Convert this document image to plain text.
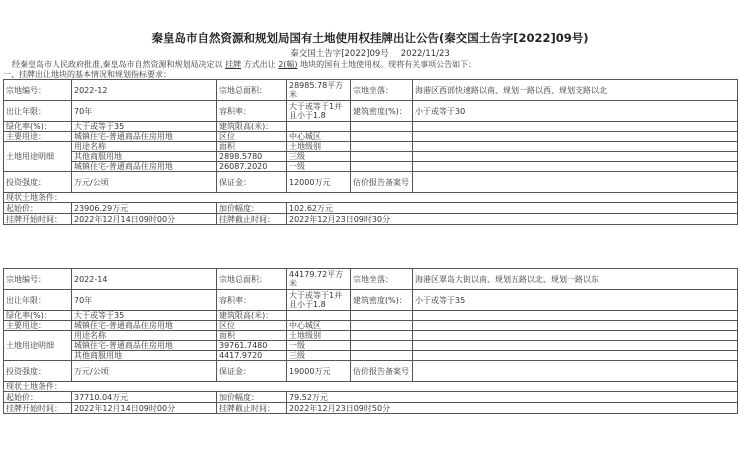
秦皇岛市自然资源和规划局国有土地使用权挂牌出让公告(秦交国土告字[2022]09号)
秦交国土告字[2022]09号 2022/11/23
经秦皇岛市人民政府批准,秦皇岛市自然资源和规划局决定以 挂牌 方式出让 2(幅) 地块的国有土地使用权。现将有关事项公告如下：
一、挂牌出让地块的基本情况和规划指标要求：
宗地编号：	2022-12	宗地总面积：	28985.78平方米	宗地坐落：	海港区西部快速路以南、规划一路以西、规划支路以北
出让年限：	70年	容积率：	大于或等于1并且小于1.8	建筑密度(%)：	小于或等于30
绿化率(%)：	大于或等于35	建筑限高(米)：			
主要用途：	城镇住宅-普通商品住房用地	区位	中心城区		
土地用途明细	用途名称	面积	土地级别		
	其他商服用地	2898.5780	三级		
	城镇住宅-普通商品住房用地	26087.2020	一级		
投资强度：	万元/公顷	保证金：	12000万元	估价报告备案号	
现状土地条件：					
起始价：	23906.29万元	加价幅度：	102.62万元		
挂牌开始时间：	2022年12月14日09时00分	挂牌截止时间：	2022年12月23日09时30分		
宗地编号：	2022-14	宗地总面积：	44179.72平方米	宗地坐落：	海港区翠岛大街以南、规划五路以北、规划一路以东
出让年限：	70年	容积率：	大于或等于1并且小于1.8	建筑密度(%)：	小于或等于35
绿化率(%)：	大于或等于35	建筑限高(米)：			
主要用途：	城镇住宅-普通商品住房用地	区位	中心城区		
土地用途明细	用途名称	面积	土地级别		
	城镇住宅-普通商品住房用地	39761.7480	一级		
	其他商服用地	4417.9720	三级		
投资强度：	万元/公顷	保证金：	19000万元	估价报告备案号	
现状土地条件：					
起始价：	37710.04万元	加价幅度：	79.52万元		
挂牌开始时间：	2022年12月14日09时00分	挂牌截止时间：	2022年12月23日09时50分		
